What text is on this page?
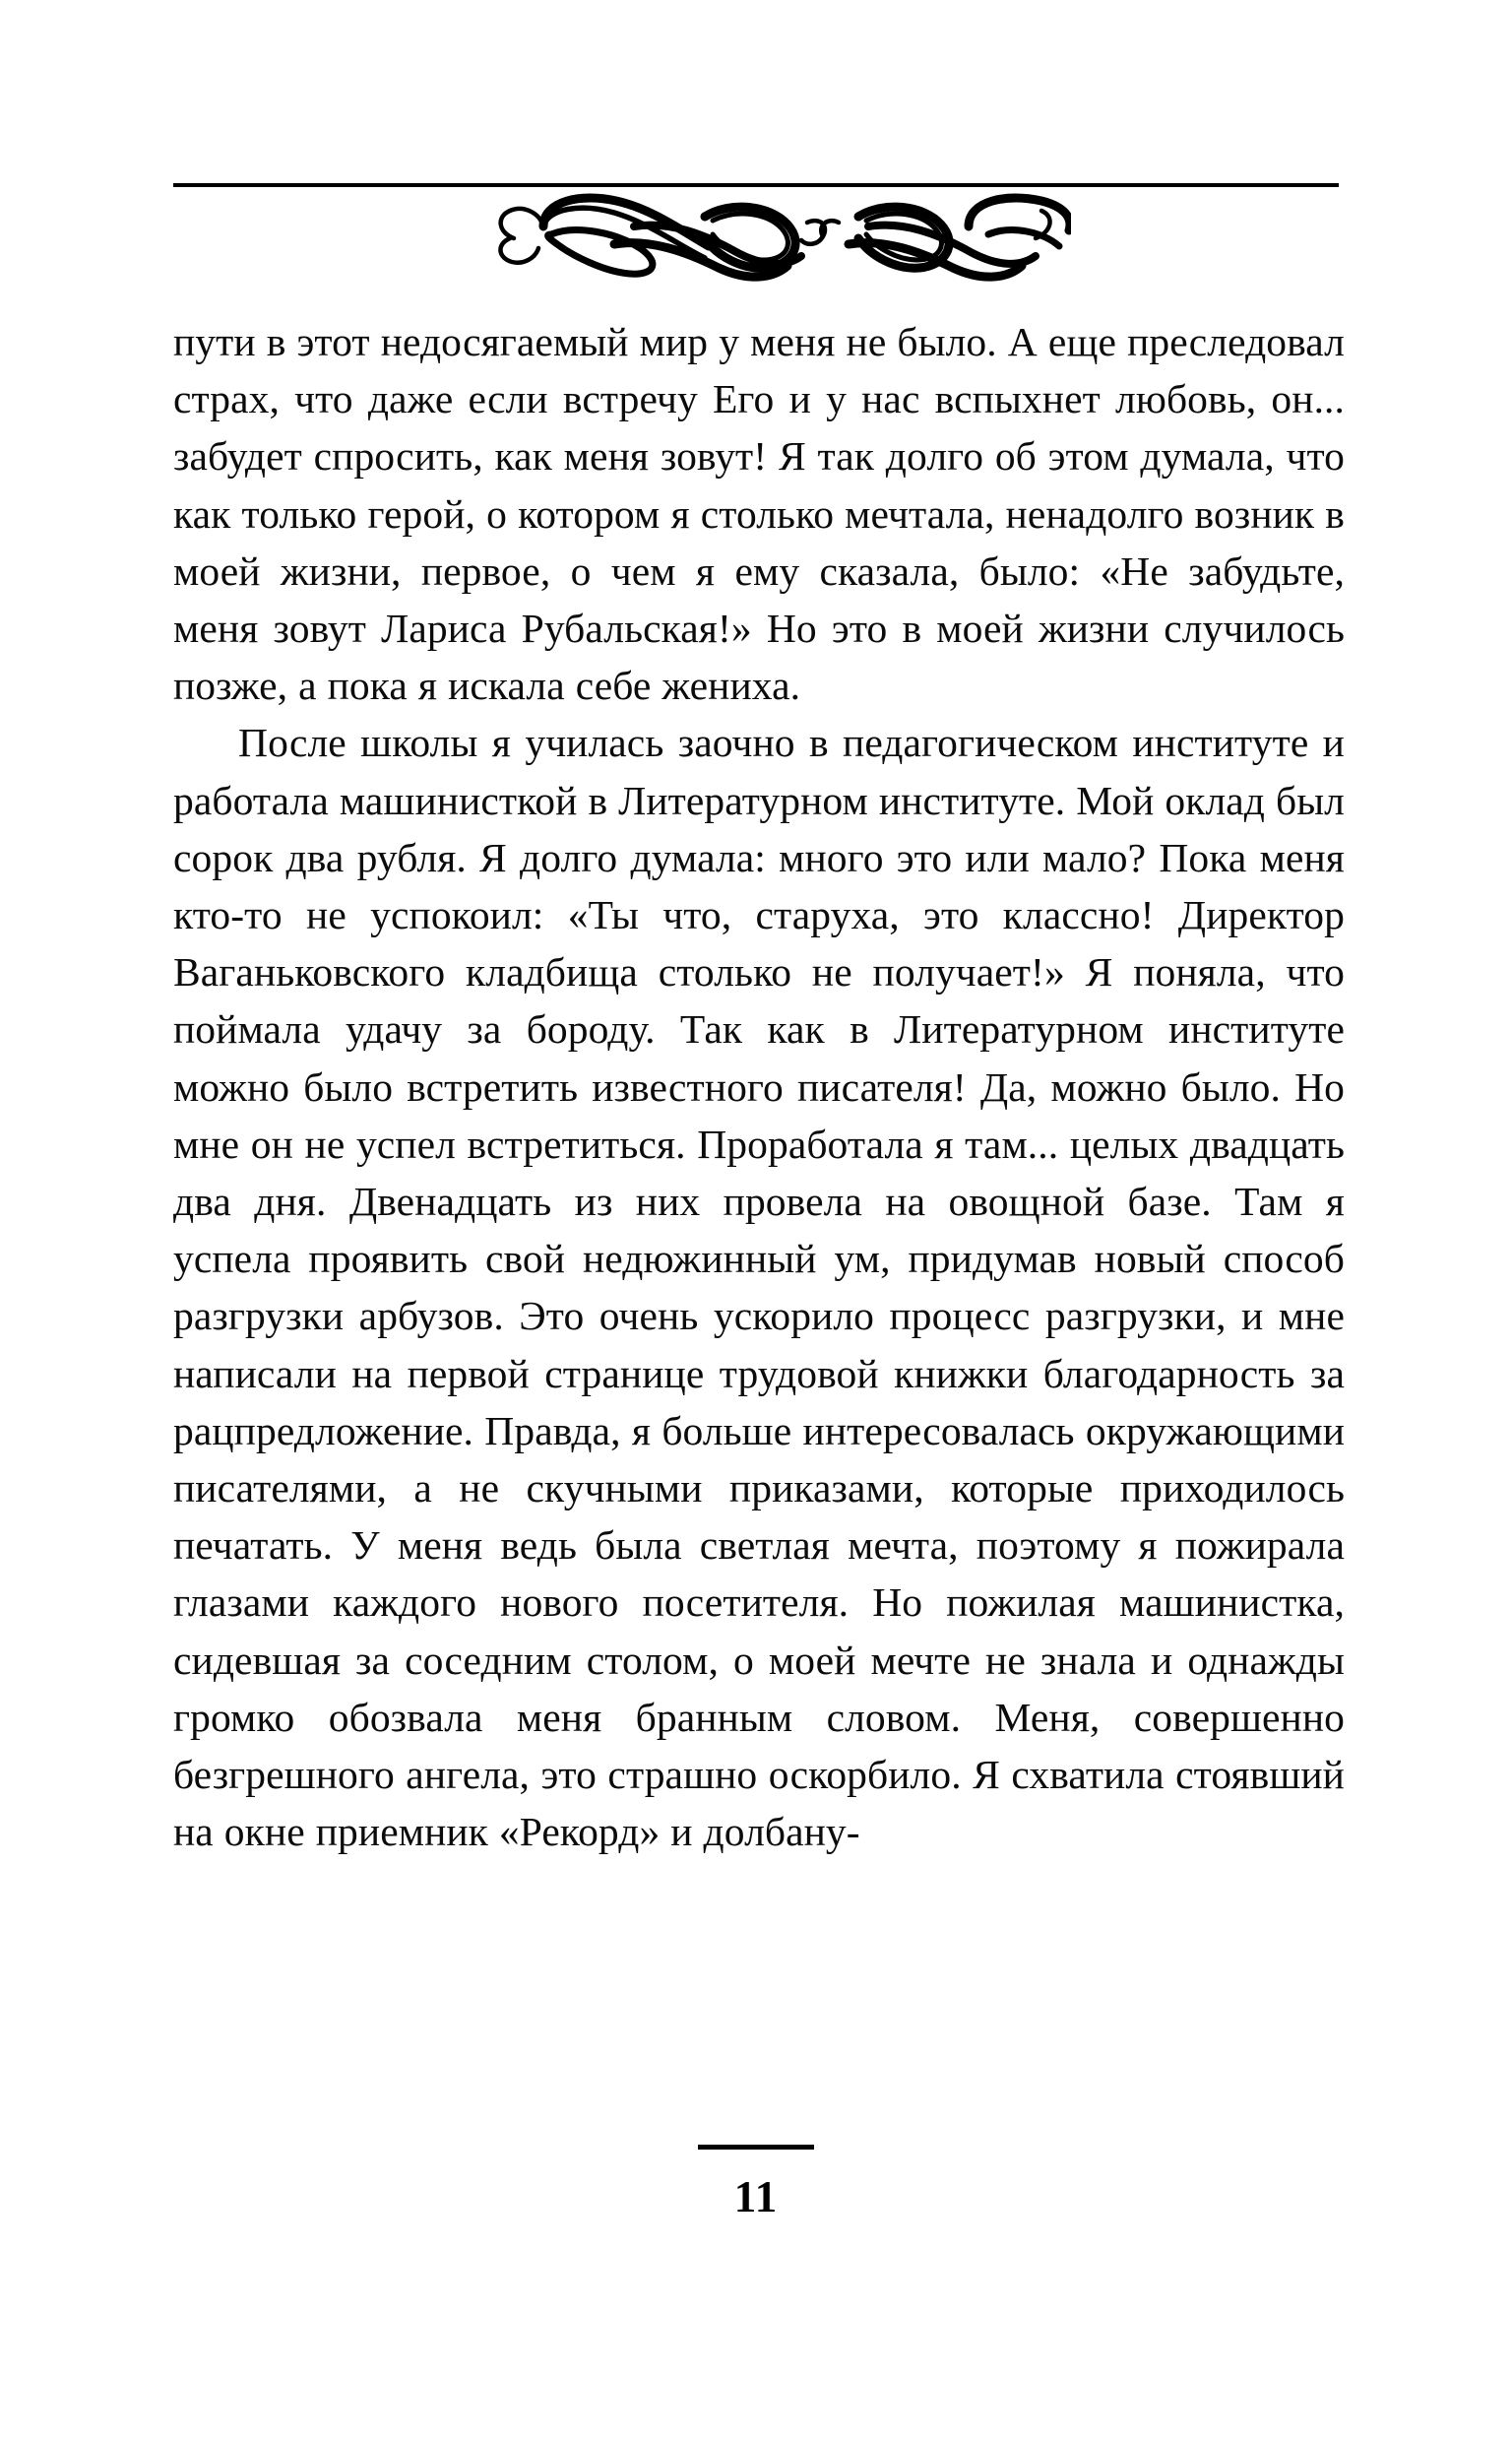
пути в этот недосягаемый мир у меня не было. А еще преследовал страх, что даже если встречу Его и у нас вспыхнет любовь, он... забудет спросить, как меня зовут! Я так долго об этом думала, что как только герой, о котором я столько мечтала, ненадолго возник в моей жизни, первое, о чем я ему сказала, было: «Не забудьте, меня зовут Лариса Рубальская!» Но это в моей жизни случилось позже, а пока я искала себе жениха.

После школы я училась заочно в педагогическом институте и работала машинисткой в Литературном институте. Мой оклад был сорок два рубля. Я долго думала: много это или мало? Пока меня кто-то не успокоил: «Ты что, старуха, это классно! Директор Ваганьковского кладбища столько не получает!» Я поняла, что поймала удачу за бороду. Так как в Литературном институте можно было встретить известного писателя! Да, можно было. Но мне он не успел встретиться. Проработала я там... целых двадцать два дня. Двенадцать из них провела на овощной базе. Там я успела проявить свой недюжинный ум, придумав новый способ разгрузки арбузов. Это очень ускорило процесс разгрузки, и мне написали на первой странице трудовой книжки благодарность за рацпредложение. Правда, я больше интересовалась окружающими писателями, а не скучными приказами, которые приходилось печатать. У меня ведь была светлая мечта, поэтому я пожирала глазами каждого нового посетителя. Но пожилая машинистка, сидевшая за соседним столом, о моей мечте не знала и однажды громко обозвала меня бранным словом. Меня, совершенно безгрешного ангела, это страшно оскорбило. Я схватила стоявший на окне приемник «Рекорд» и долбану-

11
